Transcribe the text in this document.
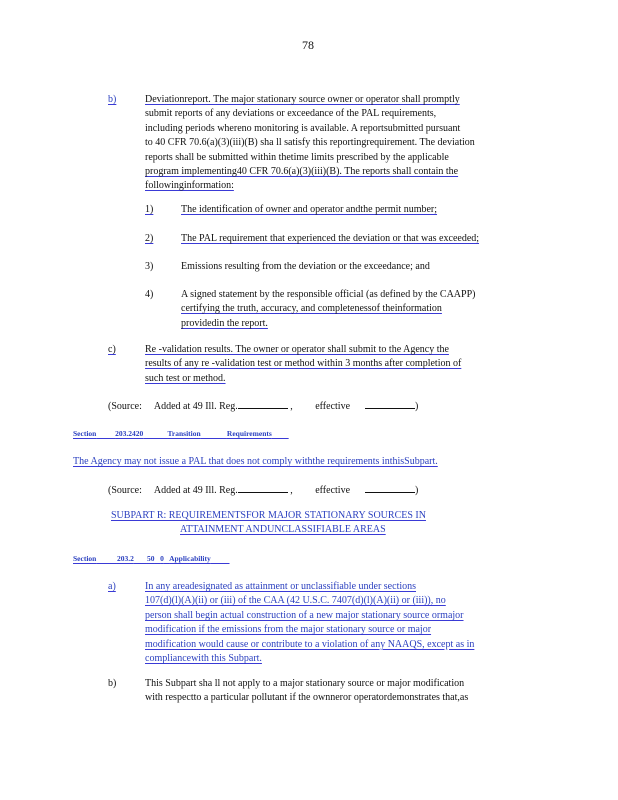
78
b)	Deviationreport. The major stationary source owner or operator shall promptly
submit reports of any deviations or exceedance of the PAL requirements,
including periods whereno monitoring is available. A reportsubmitted pursuant
to 40 CFR 70.6(a)(3)(iii)(B) sha ll satisfy this reportingrequirement. The deviation
reports shall be submitted within thetime limits prescribed by the applicable
program implementing40 CFR 70.6(a)(3)(iii)(B). The reports shall contain the
followinginformation:
1)	The identification of owner and operator andthe permit number;
2)	The PAL requirement that experienced the deviation or that was exceeded;
3)	Emissions resulting from the deviation or the exceedance; and
4)	A signed statement by the responsible official (as defined by the CAAPP)
certifying the truth, accuracy, and completenessof theinformation
providedin the report.
c)	Re -validation results. The owner or operator shall submit to the Agency the
results of any re -validation test or method within 3 months after completion of
such test or method.
(Source: Added at 49 Ill. Reg.	,         effective	)
Section	203.2420	Transition	Requirements
The Agency may not issue a PAL that does not comply withthe requirements inthisSubpart.
(Source: Added at 49 Ill. Reg.	,         effective	)
SUBPART R: REQUIREMENTSFOR MAJOR STATIONARY SOURCES IN
ATTAINMENT ANDUNCLASSIFIABLE AREAS
Section	203.2 50 0 Applicability
a)	In any areadesignated as attainment or unclassifiable under sections
107(d)(l)(A)(ii) or (iii) of the CAA (42 U.S.C. 7407(d)(l)(A)(ii) or (iii)), no
person shall begin actual construction of a new major stationary source ormajor
modification if the emissions from the major stationary source or major
modification would cause or contribute to a violation of any NAAQS, except as in
compliancewith this Subpart.
b)	This Subpart sha ll not apply to a major stationary source or major modification
with respectto a particular pollutant if the ownneror operatordemonstrates that,as
